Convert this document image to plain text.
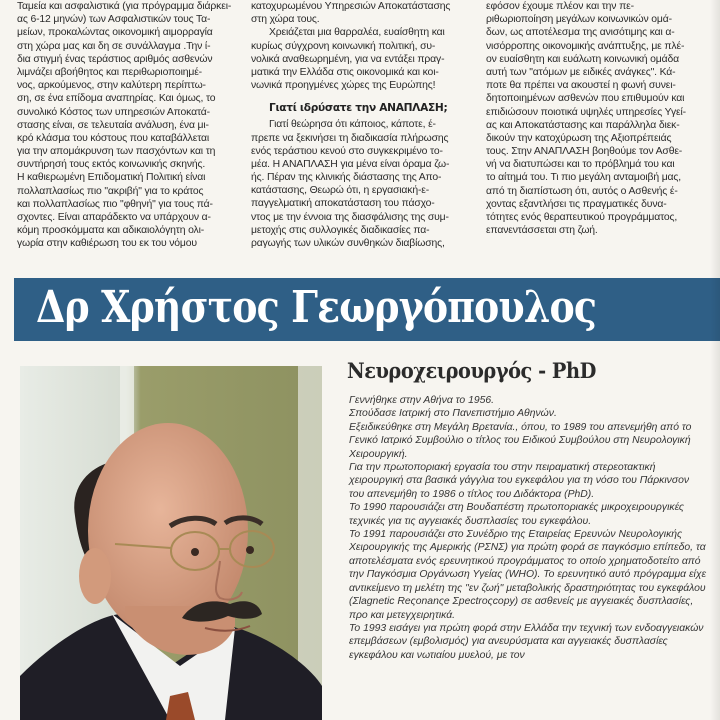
Ταμεία και ασφαλιστικά (για πρόγραμμα διάρκει-
ας 6-12 μηνών) των Ασφαλιστικών τους Τα-
μείων, προκαλώντας οικονομική αιμορραγία
στη χώρα μας και δη σε συνάλλαγμα .Την ί-
δια στιγμή ένας τεράστιος αριθμός ασθενών
λιμνάζει αβοήθητος και περιθωριοποιημέ-
νος, αρκούμενος, στην καλύτερη περίπτω-
ση, σε ένα επίδομα αναπηρίας. Και όμως, το
συνολικό Κόστος των υπηρεσιών Αποκατά-
στασης είναι, σε τελευταία ανάλυση, ένα μι-
κρό κλάσμα του κόστους που καταβάλλεται
για την απομάκρυνση των πασχόντων και τη
συντήρησή τους εκτός κοινωνικής σκηνής.
Η καθιερωμένη Επιδοματική Πολιτική είναι
πολλαπλασίως πιο "ακριβή" για το κράτος
και πολλαπλασίως πιο "φθηνή" για τους πά-
σχοντες. Είναι απαράδεκτο να υπάρχουν α-
κόμη προσκόμματα και αδικαιολόγητη ολι-
γωρία στην καθιέρωση του εκ του νόμου
κατοχυρωμένου Υπηρεσιών Αποκατάστασης
στη χώρα τους.
Χρειάζεται μια θαρραλέα, ευαίσθητη και
κυρίως σύγχρονη κοινωνική πολιτική, συ-
νολικά αναθεωρημένη, για να εντάξει πραγ-
ματικά την Ελλάδα στις οικονομικά και κοι-
νωνικά προηγμένες χώρες της Ευρώπης!
Γιατί ιδρύσατε την ΑΝΑΠΛΑΣΗ;
Γιατί θεώρησα ότι κάποιος, κάποτε, έ-
πρεπε να ξεκινήσει τη διαδικασία πλήρωσης
ενός τεράστιου κενού στο συγκεκριμένο το-
μέα. Η ΑΝΑΠΛΑΣΗ για μένα είναι όραμα ζω-
ής. Πέραν της κλινικής διάστασης της Απο-
κατάστασης, Θεωρώ ότι, η εργασιακή-ε-
παγγελματική αποκατάσταση του πάσχο-
ντος με την έννοια της διασφάλισης της συμ-
μετοχής στις συλλογικές διαδικασίες πα-
ραγωγής των υλικών συνθηκών διαβίωσης,
εφόσον έχουμε πλέον και την πε-
ριθωριοποίηση μεγάλων κοινωνικών ομά-
δων, ως αποτέλεσμα της ανισότιμης και α-
νισόρροπης οικονομικής ανάπτυξης, με πλέ-
ον ευαίσθητη και ευάλωτη κοινωνική ομάδα
αυτή των "ατόμων με ειδικές ανάγκες". Κά-
ποτε θα πρέπει να ακουστεί η φωνή συνει-
δητοποιημένων ασθενών που επιθυμούν και
επιδιώσουν ποιοτικά υψηλές υπηρεσίες Υγεί-
ας και Αποκατάστασης και παράλληλα διεκ-
δικούν την κατοχύρωση της Αξιοπρέπειάς
τους. Στην ΑΝΑΠΛΑΣΗ βοηθούμε τον Ασθε-
νή να διατυπώσει και το πρόβλημά του και
το αίτημά του. Τι πιο μεγάλη ανταμοιβή μας,
από τη διαπίστωση ότι, αυτός ο Ασθενής έ-
χοντας εξαντλήσει τις πραγματικές δυνα-
τότητες ενός θεραπευτικού προγράμματος,
επανεντάσσεται στη ζωή.
Δρ Χρήστος Γεωργόπουλος
Νευροχειρουργός - PhD

Γεννήθηκε στην Αθήνα το 1956.

Σπούδασε Ιατρική στο Πανεπιστήμιο Αθηνών.

Εξειδικεύθηκε στη Μεγάλη Βρετανία., όπου, το 1989 του απενεμήθη από το Γενικό Ιατρικό Συμβούλιο ο τίτλος του Ειδικού Συμβούλου στη Νευρολογική Χειρουργική.

Για την πρωτοποριακή εργασία του στην πειραματική στερεοτακτική χειρουργική στα βασικά γάγγλια του εγκεφάλου για τη νόσο του Πάρκινσον του απενεμήθη το 1986 ο τίτλος του Διδάκτορα (PhD).

Το 1990 παρουσιάζει στη Βουδαπέστη πρωτοποριακές μικροχειρουργικές τεχνικές για τις αγγειακές δυσπλασίες του εγκεφάλου.

Το 1991 παρουσιάζει στο Συνέδριο της Εταιρείας Ερευνών Νευρολογικής Χειρουργικής της Αμερικής (ΡΣΝΣ) για πρώτη φορά σε παγκόσμιο επίπεδο, τα αποτελέσματα ενός ερευνητικού προγράμματος το οποίο χρηματοδοτείτο από την Παγκόσμια Οργάνωση Υγείας (WHO). Το ερευνητικό αυτό πρόγραμμα είχε αντικείμενο τη μελέτη της "εν ζωή" μεταβολικής δραστηριότητας του εγκεφάλου (Σlagnetic Reςonanςe Σpectroςcopy) σε ασθενείς με αγγειακές δυσπλασίες, προ και μετεγχειρητικά.

Το 1993 εισάγει για πρώτη φορά στην Ελλάδα την τεχνική των ενδοαγγειακών επεμβάσεων (εμβολισμός) για ανευρύσματα και αγγειακές δυσπλασίες εγκεφάλου και νωτιαίου μυελού, με τον
